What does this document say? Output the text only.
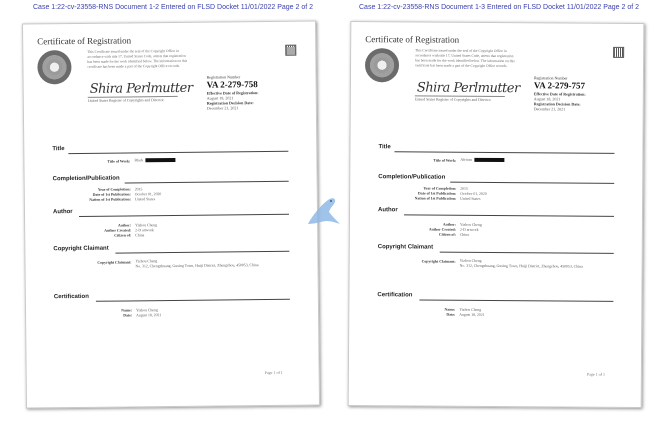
Case 1:22-cv-23558-RNS Document 1-2 Entered on FLSD Docket 11/01/2022 Page 2 of 2	Case 1:22-cv-23558-RNS Document 1-3 Entered on FLSD Docket 11/01/2022 Page 2 of 2
Certificate of Registration
This Certificate issued under the seal of the Copyright Office in accordance with title 17, United States Code, attests that registration has been made for the work identified below. The information on this certificate has been made a part of the Copyright Office records.
Shira Perlmutter
United States Register of Copyrights and Director
Registration Number
VA 2-279-758
Effective Date of Registration:
August 18, 2021
Registration Decision Date:
December 21, 2021
Title
Title of Work: Black
Completion/Publication
Year of Completion: 2015
Date of 1st Publication: October 01, 2020
Nation of 1st Publication: United States
Author
Author: Yizhou Cheng
Author Created: 2-D artwork
Citizen of: China
Copyright Claimant
Copyright Claimant: Yizhou Cheng
No. 312, Chengzhuang, Guxing Town, Huiji District, Zhengzhou, 450053, China
Certification
Name: Yizhou Cheng
Date: August 18, 2021
Page 1 of 1
Certificate of Registration
This Certificate issued under the seal of the Copyright Office in accordance with title 17, United States Code, attests that registration has been made for the work identified below. The information on this certificate has been made a part of the Copyright Office records.
Shira Perlmutter
United States Register of Copyrights and Director
Registration Number
VA 2-279-757
Effective Date of Registration:
August 18, 2021
Registration Decision Date:
December 21, 2021
Title
Title of Work: African
Completion/Publication
Year of Completion: 2015
Date of 1st Publication: October 01, 2020
Nation of 1st Publication: United States
Author
Author: Yizhou Cheng
Author Created: 2-D artwork
Citizen of: China
Copyright Claimant
Copyright Claimant: Yizhou Cheng
No. 312, Chengzhuang, Guxing Town, Huiji District, Zhengzhou, 450053, China
Certification
Name: Yizhou Cheng
Date: August 18, 2021
Page 1 of 1
